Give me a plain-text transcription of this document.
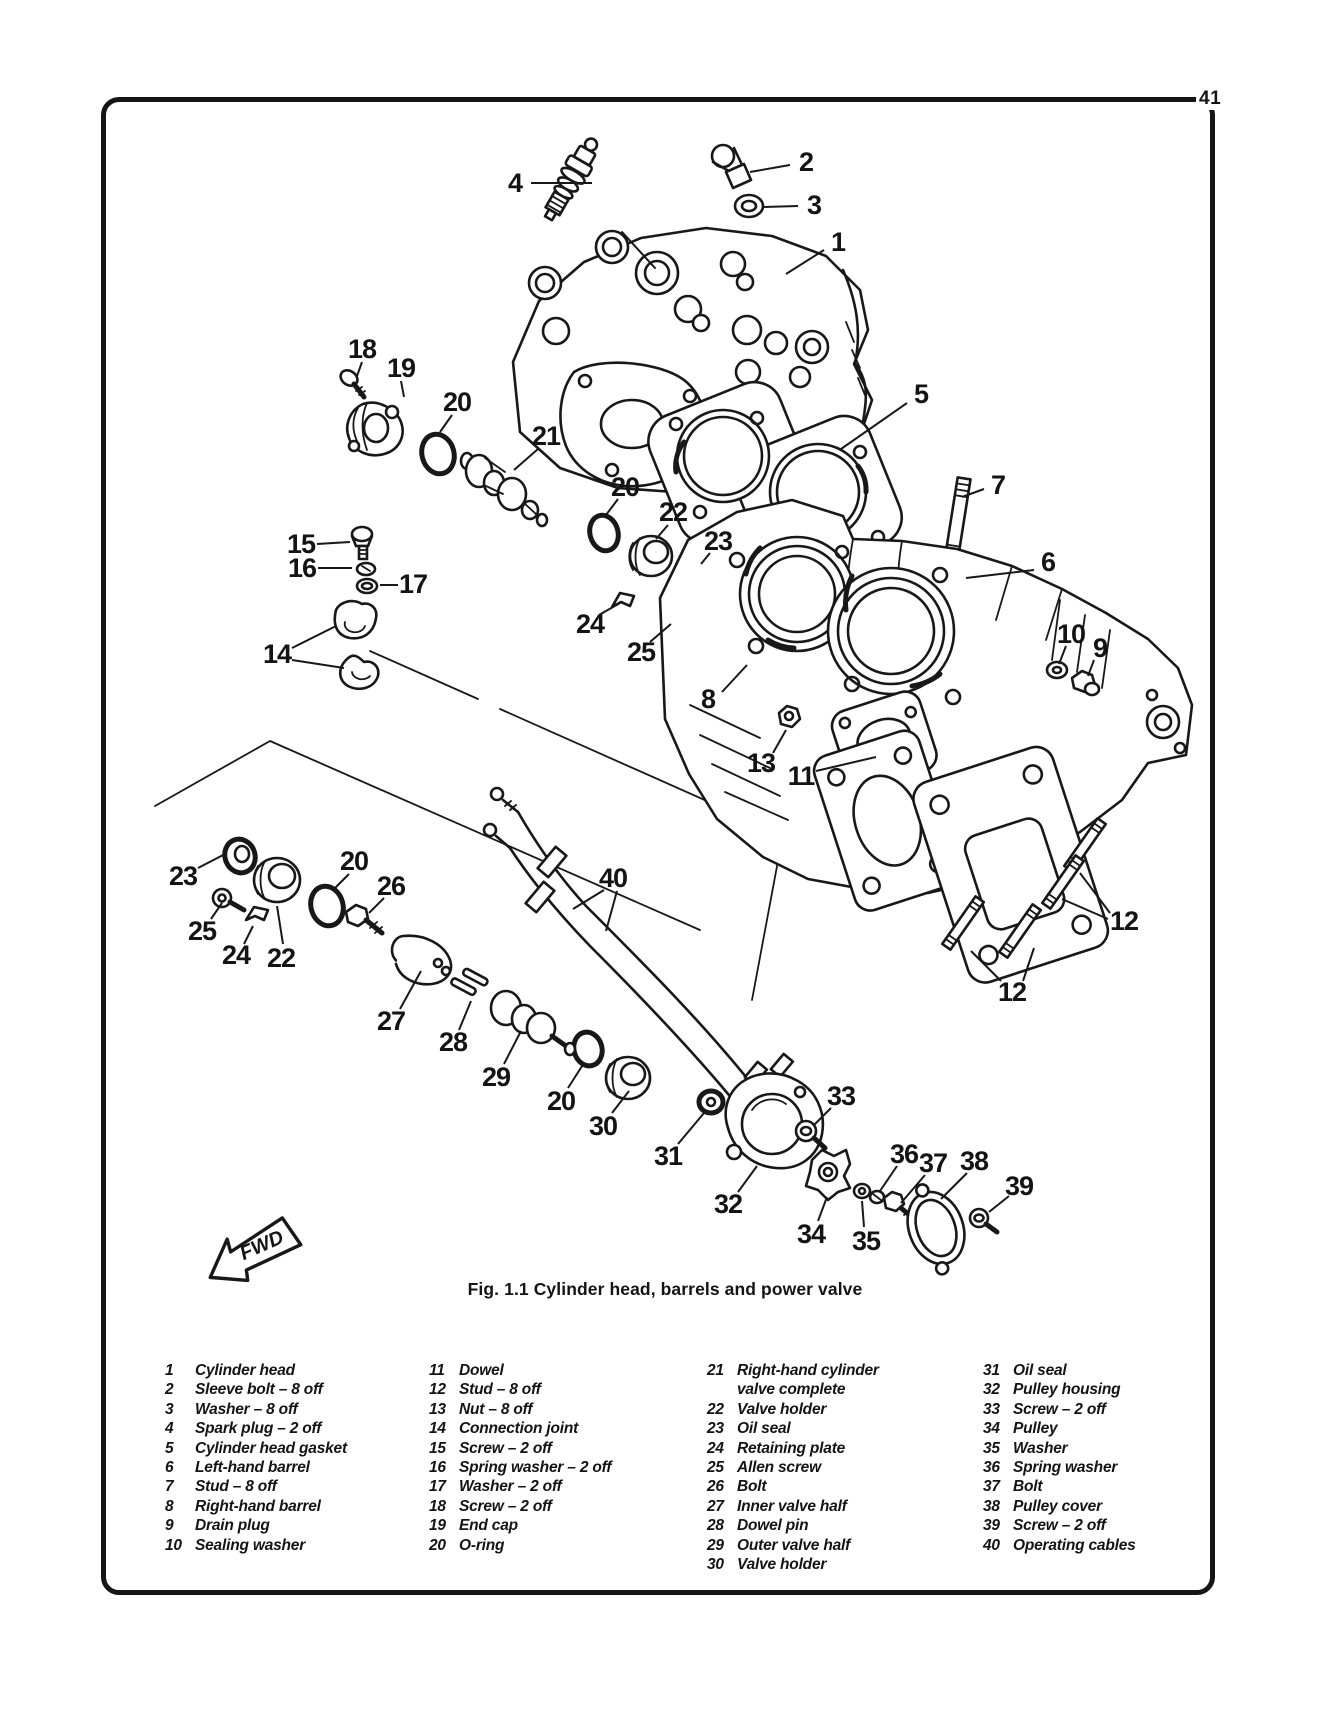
41
FWD
4
2
3
1
18
19
20
21
20
22
23
15
16
17
24
25
14
5
7
6
10 9
8
13 11
12
12
23
25
24 22
20
26
27
28
29
20
30
31
40
33
32
34 35
36 37 38
39
Fig. 1.1 Cylinder head, barrels and power valve
1	Cylinder head
2	Sleeve bolt – 8 off
3	Washer – 8 off
4	Spark plug – 2 off
5	Cylinder head gasket
6	Left-hand barrel
7	Stud – 8 off
8	Right-hand barrel
9	Drain plug
10 Sealing washer
11 Dowel
12 Stud – 8 off
13 Nut – 8 off
14 Connection joint
15 Screw – 2 off
16 Spring washer – 2 off
17 Washer – 2 off
18 Screw – 2 off
19 End cap
20 O-ring
21 Right-hand cylinder valve complete
22 Valve holder
23 Oil seal
24 Retaining plate
25 Allen screw
26 Bolt
27 Inner valve half
28 Dowel pin
29 Outer valve half
30 Valve holder
31 Oil seal
32 Pulley housing
33 Screw – 2 off
34 Pulley
35 Washer
36 Spring washer
37 Bolt
38 Pulley cover
39 Screw – 2 off
40 Operating cables
